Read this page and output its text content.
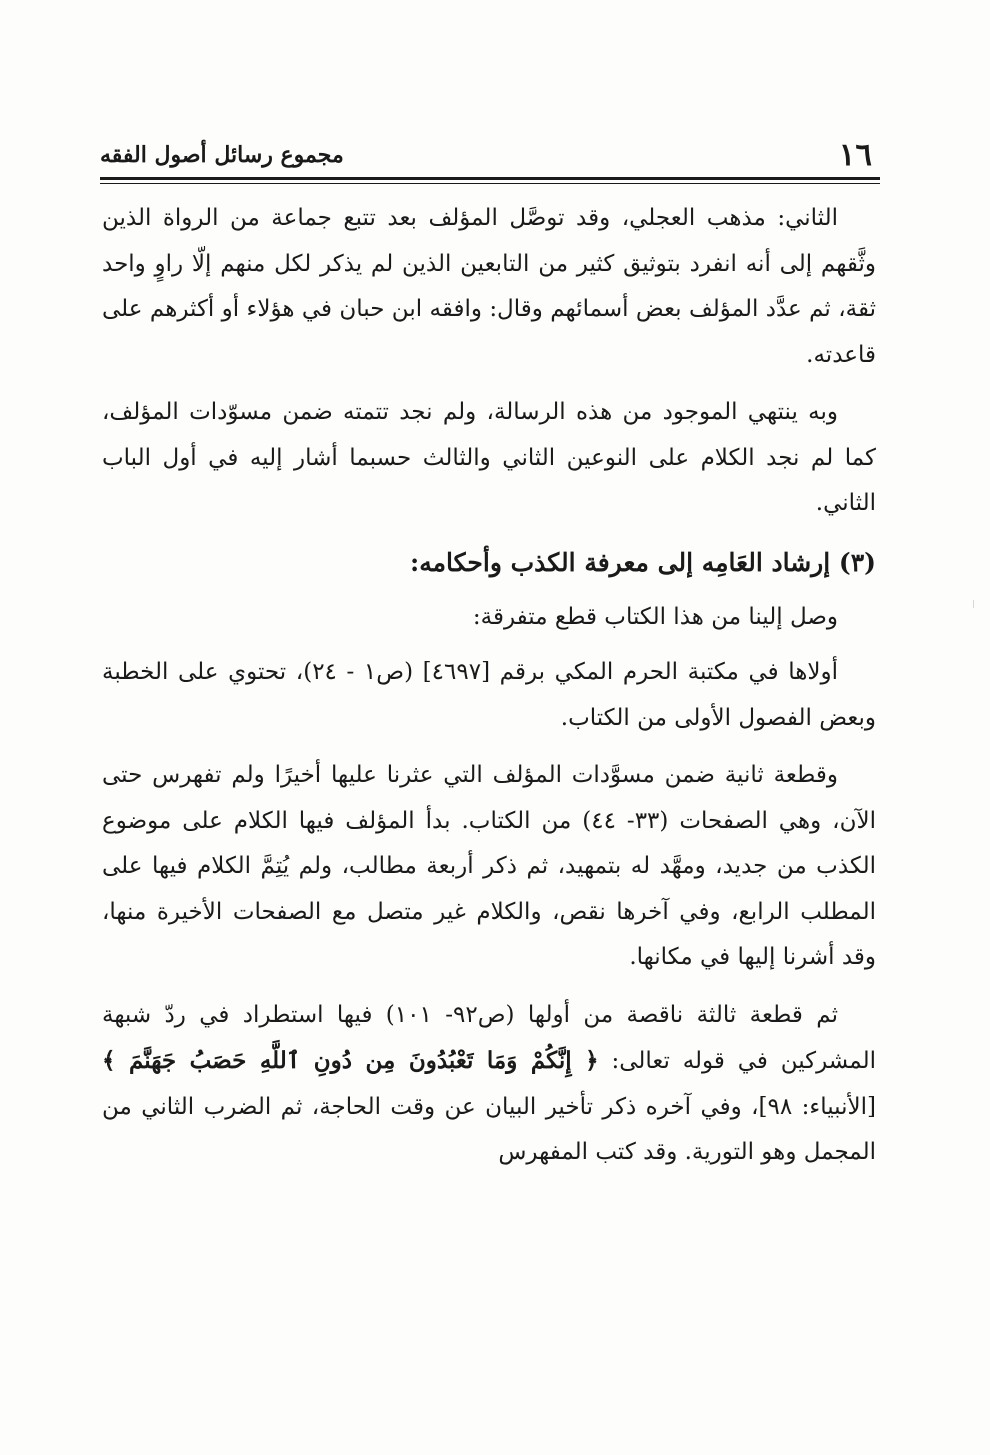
١٦
مجموع رسائل أصول الفقه

الثاني: مذهب العجلي، وقد توصَّل المؤلف بعد تتبع جماعة من الرواة الذين وثَّقهم إلى أنه انفرد بتوثيق كثير من التابعين الذين لم يذكر لكل منهم إلّا راوٍ واحد ثقة، ثم عدَّد المؤلف بعض أسمائهم وقال: وافقه ابن حبان في هؤلاء أو أكثرهم على قاعدته.

وبه ينتهي الموجود من هذه الرسالة، ولم نجد تتمته ضمن مسوّدات المؤلف، كما لم نجد الكلام على النوعين الثاني والثالث حسبما أشار إليه في أول الباب الثاني.

(٣) إرشاد العَامِه إلى معرفة الكذب وأحكامه:

وصل إلينا من هذا الكتاب قطع متفرقة:

أولاها في مكتبة الحرم المكي برقم [٤٦٩٧] (ص١ - ٢٤)، تحتوي على الخطبة وبعض الفصول الأولى من الكتاب.

وقطعة ثانية ضمن مسوَّدات المؤلف التي عثرنا عليها أخيرًا ولم تفهرس حتى الآن، وهي الصفحات (٣٣- ٤٤) من الكتاب. بدأ المؤلف فيها الكلام على موضوع الكذب من جديد، ومهَّد له بتمهيد، ثم ذكر أربعة مطالب، ولم يُتِمَّ الكلام فيها على المطلب الرابع، وفي آخرها نقص، والكلام غير متصل مع الصفحات الأخيرة منها، وقد أشرنا إليها في مكانها.

ثم قطعة ثالثة ناقصة من أولها (ص٩٢- ١٠١) فيها استطراد في ردّ شبهة المشركين في قوله تعالى: ﴿ إِنَّكُمْ وَمَا تَعْبُدُونَ مِن دُونِ ٱللَّهِ حَصَبُ جَهَنَّمَ ﴾ [الأنبياء: ٩٨]، وفي آخره ذكر تأخير البيان عن وقت الحاجة، ثم الضرب الثاني من المجمل وهو التورية. وقد كتب المفهرس
